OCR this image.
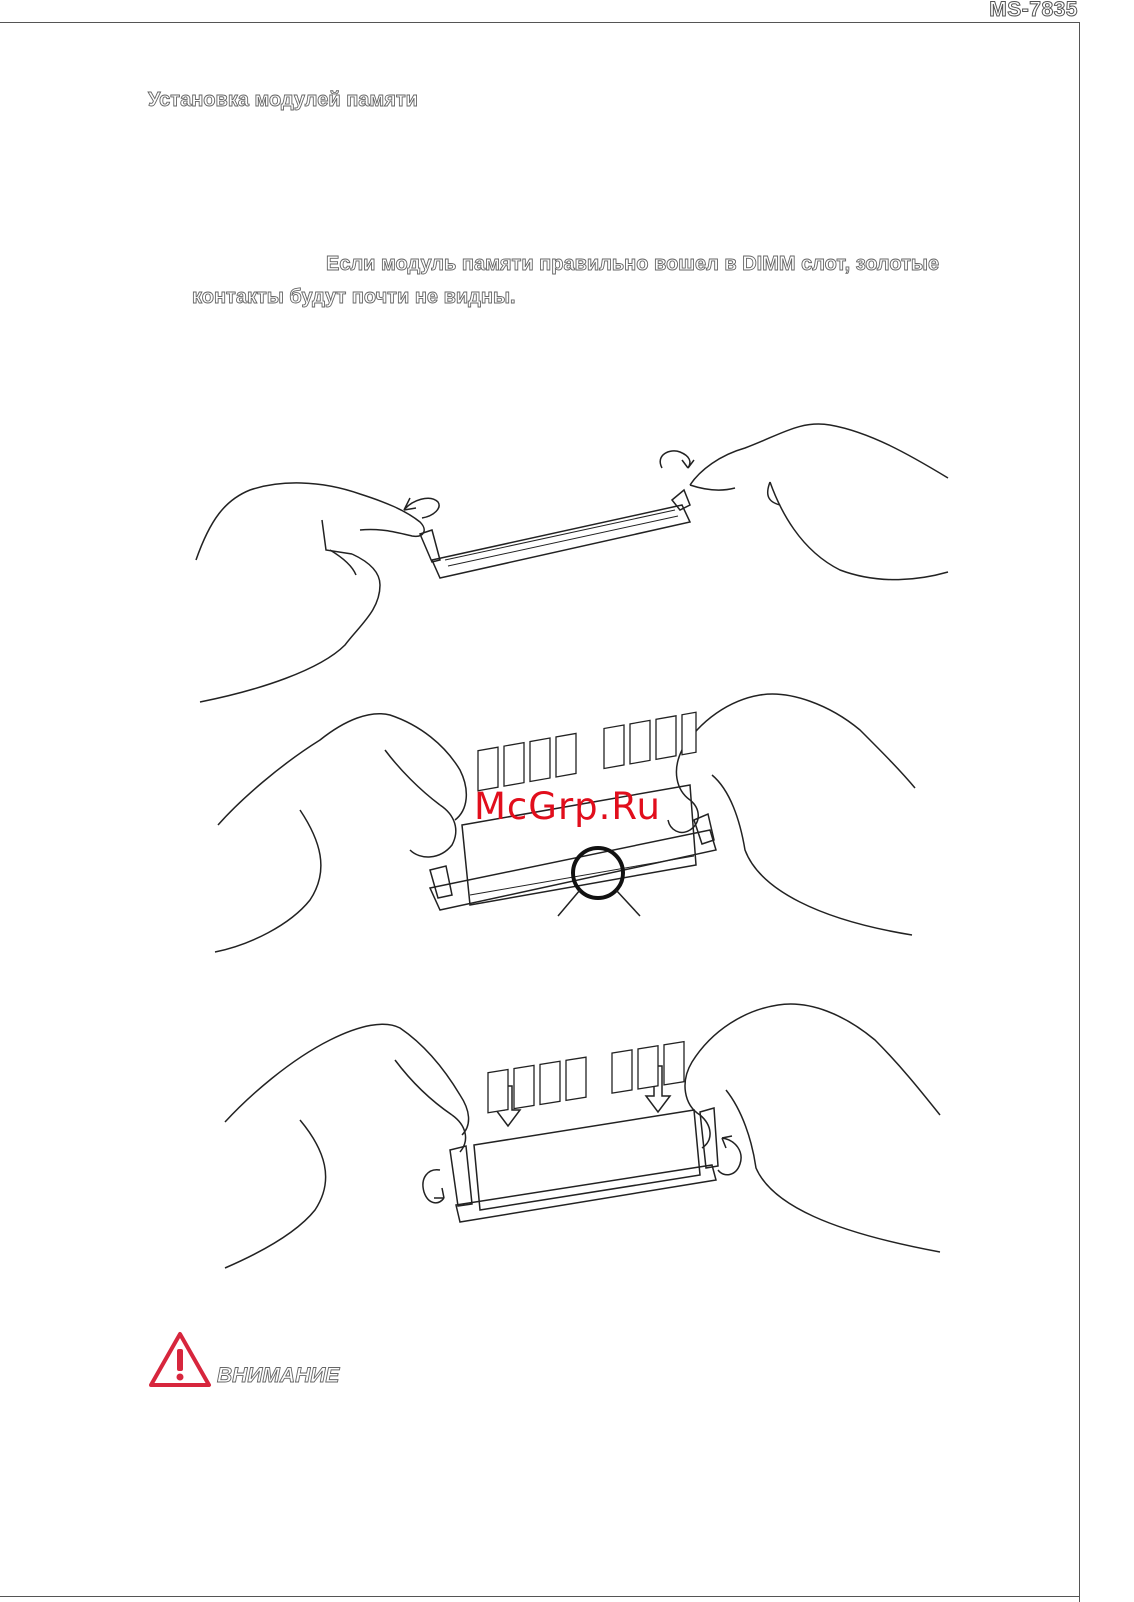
MS-7835
Установка модулей памяти
Если модуль памяти правильно вошел в DIMM слот, золотые контакты будут почти не видны.
McGrp.Ru
ВНИМАНИЕ
